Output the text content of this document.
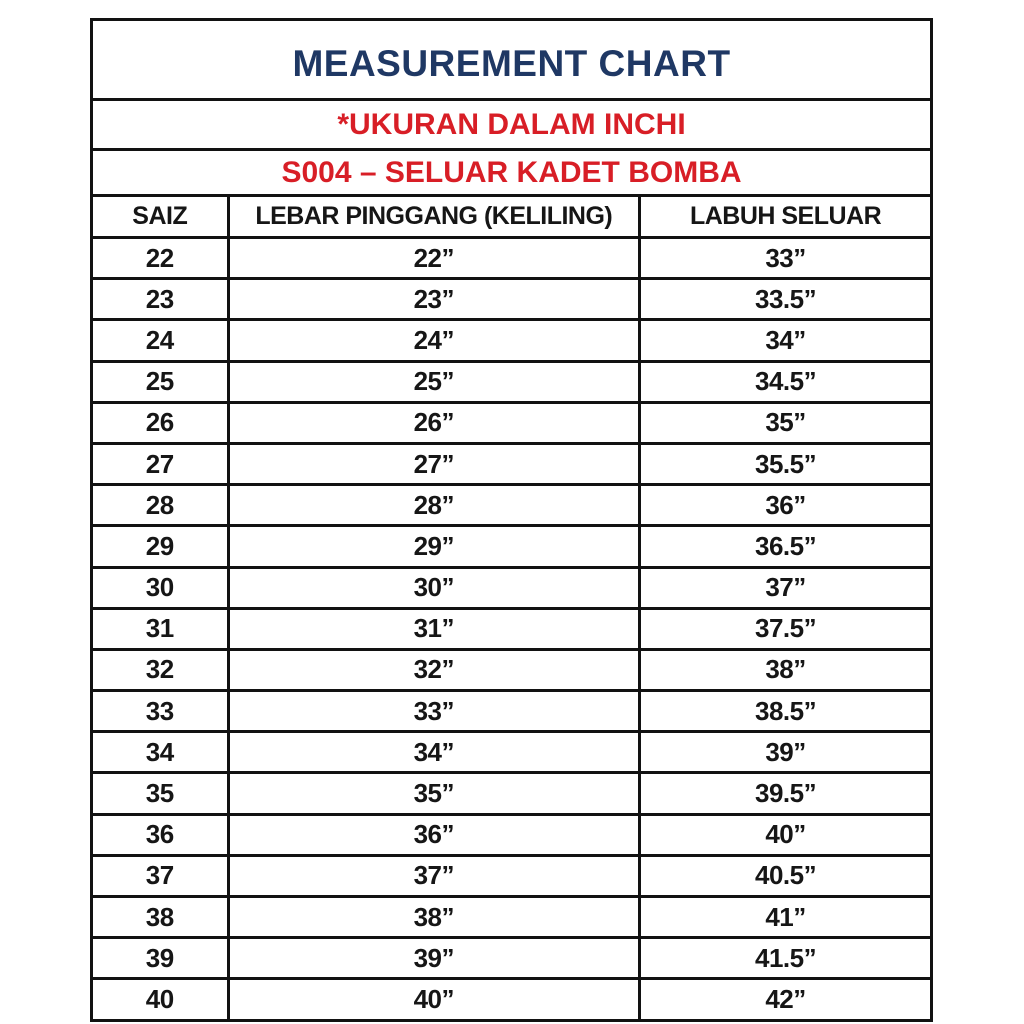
MEASUREMENT CHART		
*UKURAN DALAM INCHI		
S004 – SELUAR KADET BOMBA		
SAIZ	LEBAR PINGGANG (KELILING)	LABUH SELUAR
22	22”	33”
23	23”	33.5”
24	24”	34”
25	25”	34.5”
26	26”	35”
27	27”	35.5”
28	28”	36”
29	29”	36.5”
30	30”	37”
31	31”	37.5”
32	32”	38”
33	33”	38.5”
34	34”	39”
35	35”	39.5”
36	36”	40”
37	37”	40.5”
38	38”	41”
39	39”	41.5”
40	40”	42”
